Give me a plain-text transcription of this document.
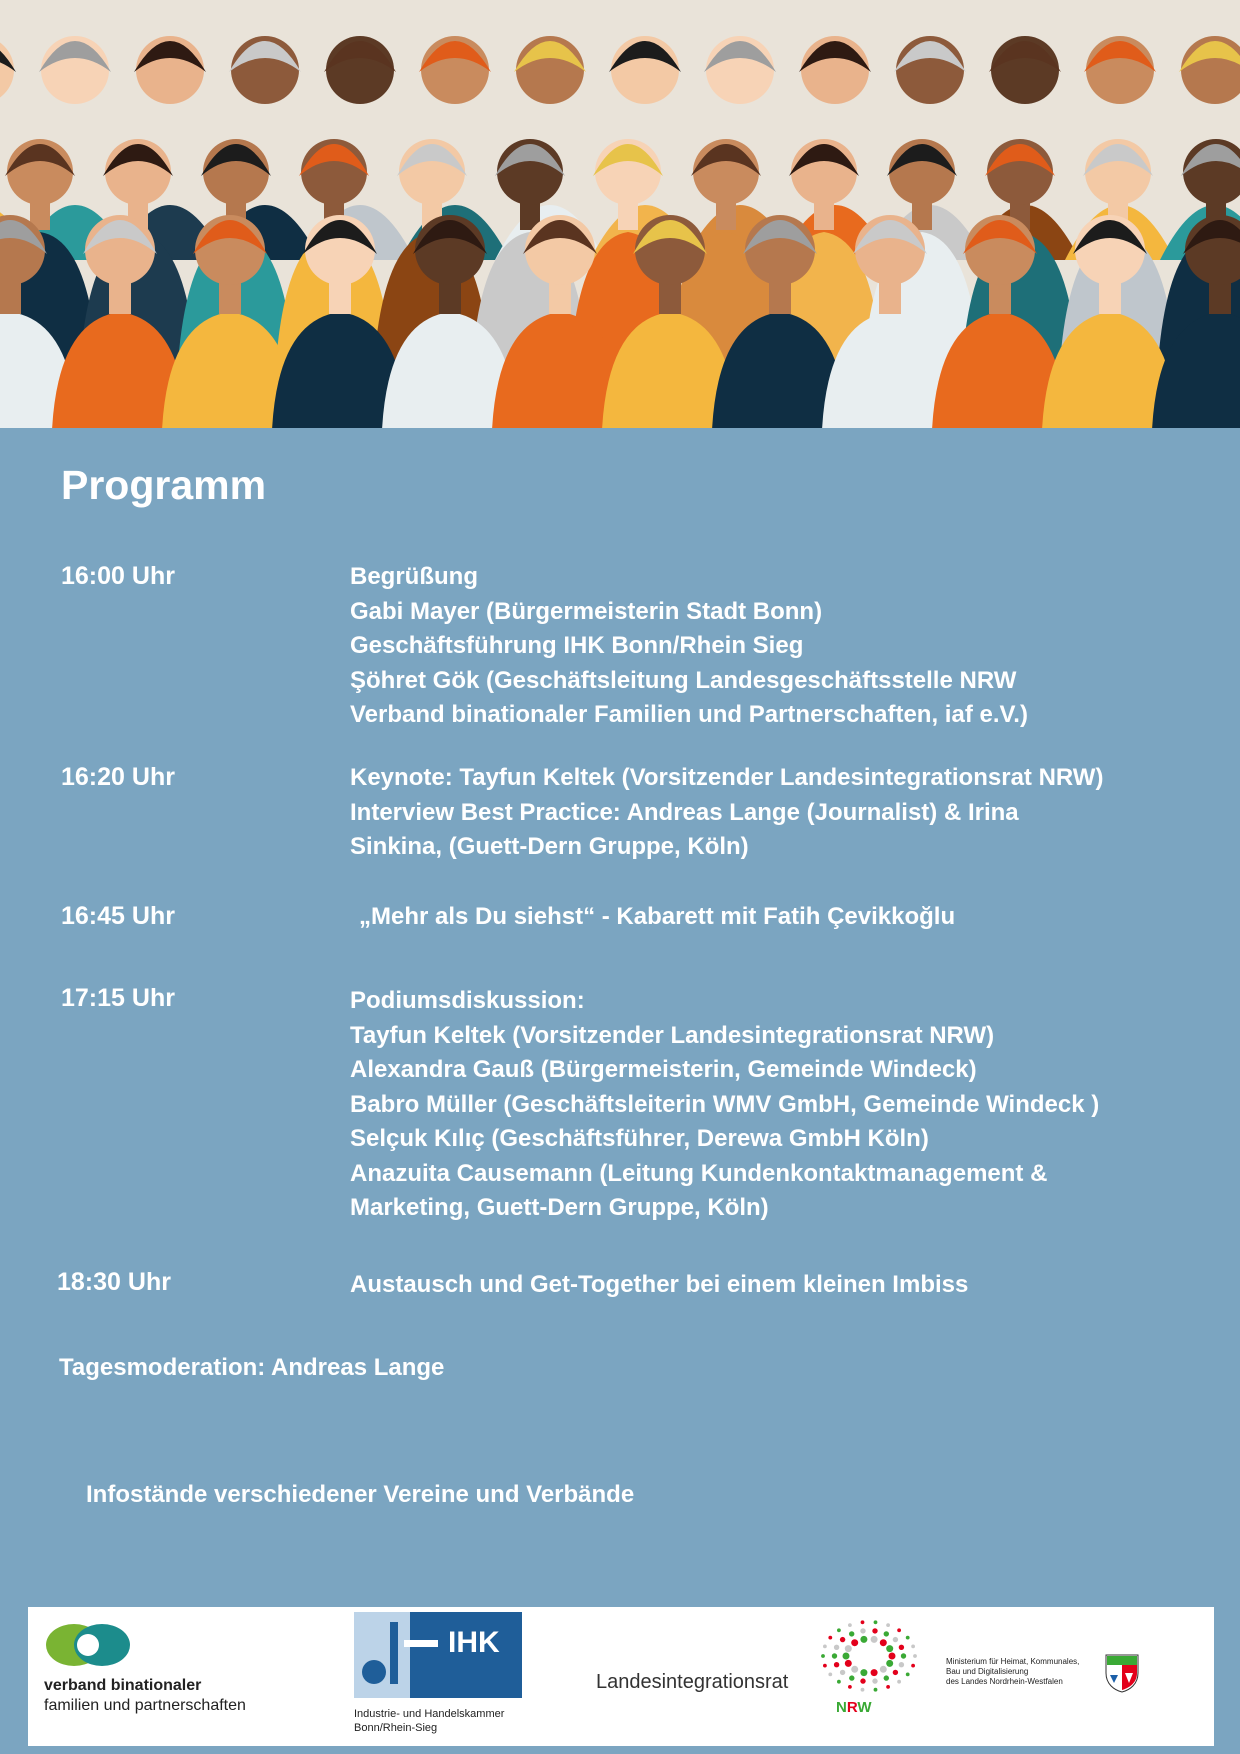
Programm
16:00 Uhr	Begrüßung
Gabi Mayer (Bürgermeisterin Stadt Bonn)
Geschäftsführung IHK Bonn/Rhein Sieg
Şöhret Gök (Geschäftsleitung Landesgeschäftsstelle NRW
Verband binationaler Familien und Partnerschaften, iaf e.V.)
16:20 Uhr	Keynote: Tayfun Keltek (Vorsitzender Landesintegrationsrat NRW)
Interview Best Practice: Andreas Lange (Journalist) & Irina
Sinkina, (Guett-Dern Gruppe, Köln)
16:45 Uhr	„Mehr als Du siehst“ - Kabarett mit Fatih Çevikkoğlu
17:15 Uhr	Podiumsdiskussion:
Tayfun Keltek (Vorsitzender Landesintegrationsrat NRW)
Alexandra Gauß (Bürgermeisterin, Gemeinde Windeck)
Babro Müller (Geschäftsleiterin WMV GmbH, Gemeinde Windeck )
Selçuk Kılıç (Geschäftsführer, Derewa GmbH Köln)
Anazuita Causemann (Leitung Kundenkontaktmanagement &
Marketing, Guett-Dern Gruppe, Köln)
18:30 Uhr	Austausch und Get-Together bei einem kleinen Imbiss
Tagesmoderation: Andreas Lange
Infostände verschiedener Vereine und Verbände
verband binationaler
familien und partnerschaften
IHK
Industrie- und Handelskammer
Bonn/Rhein-Sieg
Landesintegrationsrat
NRW
Ministerium für Heimat, Kommunales,
Bau und Digitalisierung
des Landes Nordrhein-Westfalen
